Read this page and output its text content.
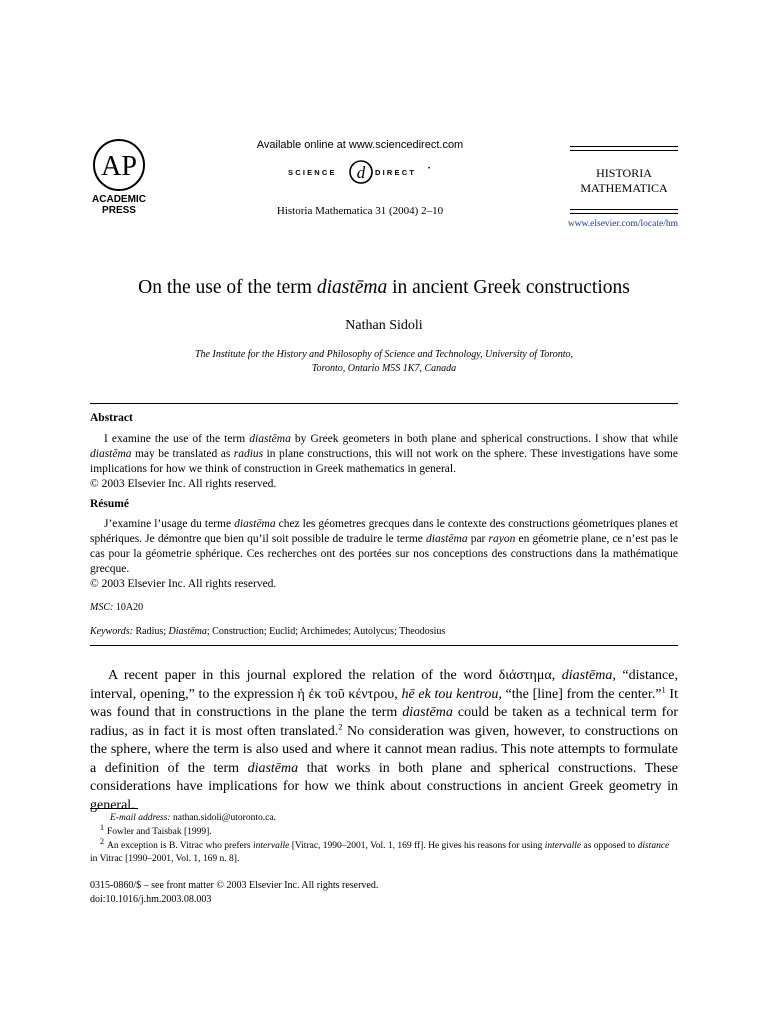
AP
ACADEMIC
PRESS
Available online at www.sciencedirect.com
SCIENCE d DIRECT •
Historia Mathematica 31 (2004) 2–10
HISTORIA
MATHEMATICA
www.elsevier.com/locate/hm
On the use of the term diastēma in ancient Greek constructions
Nathan Sidoli
The Institute for the History and Philosophy of Science and Technology, University of Toronto,
Toronto, Ontario M5S 1K7, Canada
Abstract

I examine the use of the term diastēma by Greek geometers in both plane and spherical constructions. I show that while diastēma may be translated as radius in plane constructions, this will not work on the sphere. These investigations have some implications for how we think of construction in Greek mathematics in general.

© 2003 Elsevier Inc. All rights reserved.

Résumé

J’examine l’usage du terme diastēma chez les géometres grecques dans le contexte des constructions géometriques planes et sphériques. Je démontre que bien qu’il soit possible de traduire le terme diastēma par rayon en géometrie plane, ce n’est pas le cas pour la géometrie sphérique. Ces recherches ont des portées sur nos conceptions des constructions dans la mathématique grecque.

© 2003 Elsevier Inc. All rights reserved.

MSC: 10A20
Keywords: Radius; Diastēma; Construction; Euclid; Archimedes; Autolycus; Theodosius
A recent paper in this journal explored the relation of the word διάστημα, diastēma, “distance, interval, opening,” to the expression ἡ ἐκ τοῦ κέντρου, hē ek tou kentrou, “the [line] from the center.”$^1$ It was found that in constructions in the plane the term diastēma could be taken as a technical term for radius, as in fact it is most often translated.$^2$ No consideration was given, however, to constructions on the sphere, where the term is also used and where it cannot mean radius. This note attempts to formulate a definition of the term diastēma that works in both plane and spherical constructions. These considerations have implications for how we think about constructions in ancient Greek geometry in general.
E-mail address: nathan.sidoli@utoronto.ca.
$^1$ Fowler and Taisbak [1999].
$^2$ An exception is B. Vitrac who prefers intervalle [Vitrac, 1990–2001, Vol. 1, 169 ff]. He gives his reasons for using intervalle as opposed to distance in Vitrac [1990–2001, Vol. 1, 169 n. 8].
0315-0860/$ – see front matter © 2003 Elsevier Inc. All rights reserved.
doi:10.1016/j.hm.2003.08.003
